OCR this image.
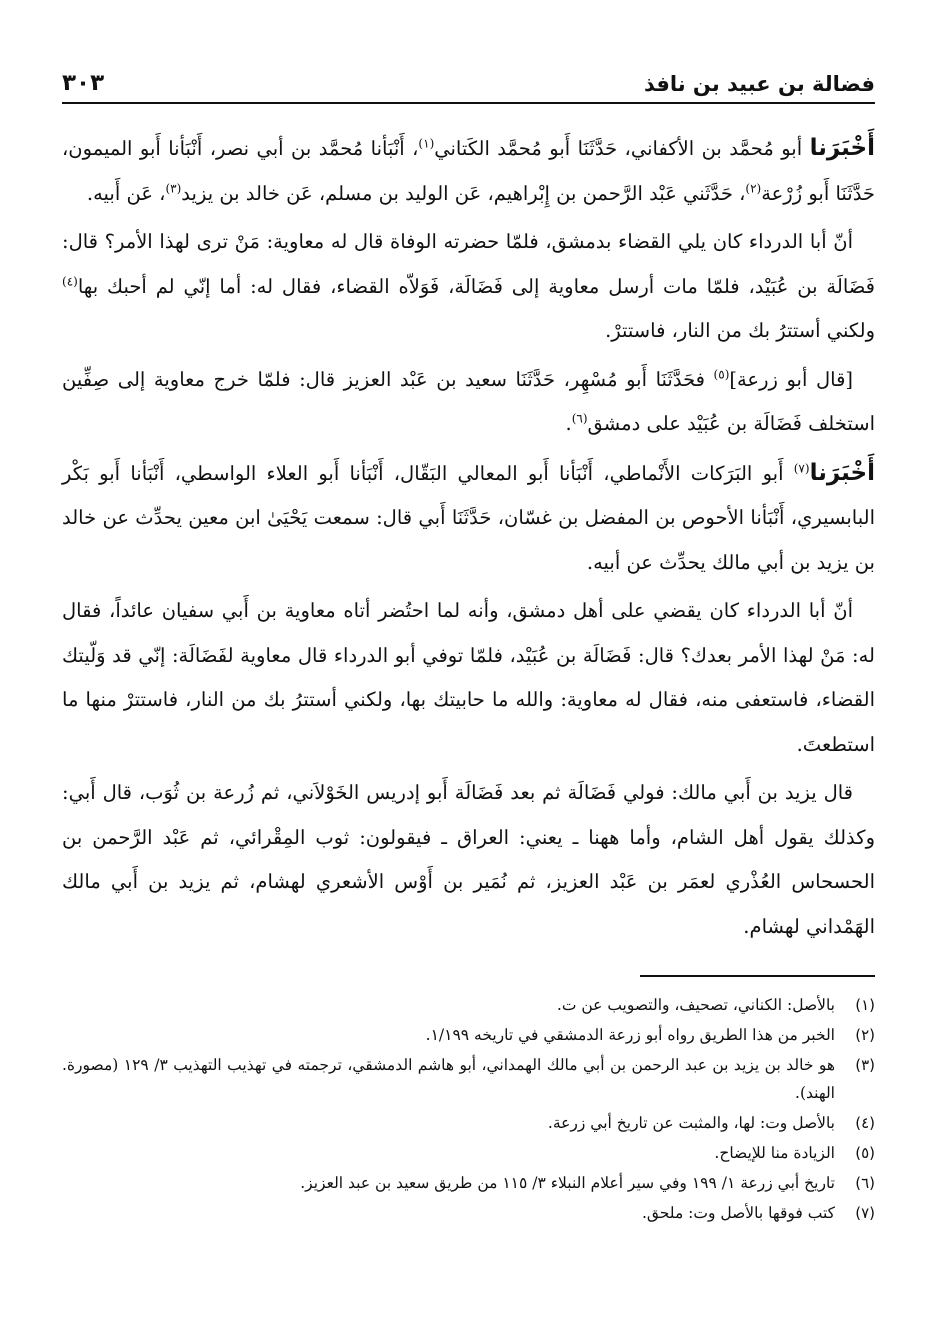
فضالة بن عبيد بن نافذ
٣٠٣

أَخْبَرَنا أبو مُحمَّد بن الأكفاني، حَدَّثَنَا أَبو مُحمَّد الكَتاني$^{(١)}$، أَنْبَأنا مُحمَّد بن أبي نصر، أَنْبَأنا أَبو الميمون، حَدَّثَنَا أَبو زُرْعة$^{(٢)}$، حَدَّثَني عَبْد الرَّحمن بن إِبْراهيم، عَن الوليد بن مسلم، عَن خالد بن يزيد$^{(٣)}$، عَن أَبيه.

أنّ أبا الدرداء كان يلي القضاء بدمشق، فلمّا حضرته الوفاة قال له معاوية: مَنْ ترى لهذا الأمر؟ قال: فَضَالَة بن عُبَيْد، فلمّا مات أرسل معاوية إلى فَضَالَة، فَوَلاّه القضاء، فقال له: أما إنّي لم أحبك بها$^{(٤)}$ ولكني أستترُ بك من النار، فاستترْ.

[قال أبو زرعة]$^{(٥)}$ فحَدَّثَنَا أَبو مُسْهِر، حَدَّثَنَا سعيد بن عَبْد العزيز قال: فلمّا خرج معاوية إلى صِفِّين استخلف فَضَالَة بن عُبَيْد على دمشق$^{(٦)}$.

أَخْبَرَنا$^{(٧)}$ أَبو البَرَكات الأَنْماطي، أَنْبَأنا أَبو المعالي البَقّال، أَنْبَأنا أَبو العلاء الواسطي، أَنْبَأنا أَبو بَكْر البابسيري، أَنْبَأنا الأحوص بن المفضل بن غسّان، حَدَّثَنَا أَبي قال: سمعت يَحْيَىٰ ابن معين يحدِّث عن خالد بن يزيد بن أبي مالك يحدِّث عن أبيه.

أنّ أبا الدرداء كان يقضي على أهل دمشق، وأنه لما احتُضر أتاه معاوية بن أَبي سفيان عائداً، فقال له: مَنْ لهذا الأمر بعدك؟ قال: فَضَالَة بن عُبَيْد، فلمّا توفي أبو الدرداء قال معاوية لفَضَالَة: إنّي قد وَلّيتك القضاء، فاستعفى منه، فقال له معاوية: والله ما حابيتك بها، ولكني أستترُ بك من النار، فاستترْ منها ما استطعتَ.

قال يزيد بن أَبي مالك: فولي فَضَالَة ثم بعد فَضَالَة أَبو إدريس الخَوْلاَني، ثم زُرعة بن ثُوَب، قال أَبي: وكذلك يقول أهل الشام، وأما ههنا ـ يعني: العراق ـ فيقولون: ثوب المِقْرائي، ثم عَبْد الرَّحمن بن الحسحاس العُذْري لعمَر بن عَبْد العزيز، ثم نُمَير بن أَوْس الأشعري لهشام، ثم يزيد بن أَبي مالك الهَمْداني لهشام.

(١)
بالأصل: الكناني، تصحيف، والتصويب عن ت.
(٢)
الخبر من هذا الطريق رواه أبو زرعة الدمشقي في تاريخه ١/١٩٩.
(٣)
هو خالد بن يزيد بن عبد الرحمن بن أبي مالك الهمداني، أبو هاشم الدمشقي، ترجمته في تهذيب التهذيب ٣/ ١٢٩ (مصورة. الهند).
(٤)
بالأصل وت: لها، والمثبت عن تاريخ أبي زرعة.
(٥)
الزيادة منا للإيضاح.
(٦)
تاريخ أبي زرعة ١/ ١٩٩ وفي سير أعلام النبلاء ٣/ ١١٥ من طريق سعيد بن عبد العزيز.
(٧)
كتب فوقها بالأصل وت: ملحق.
